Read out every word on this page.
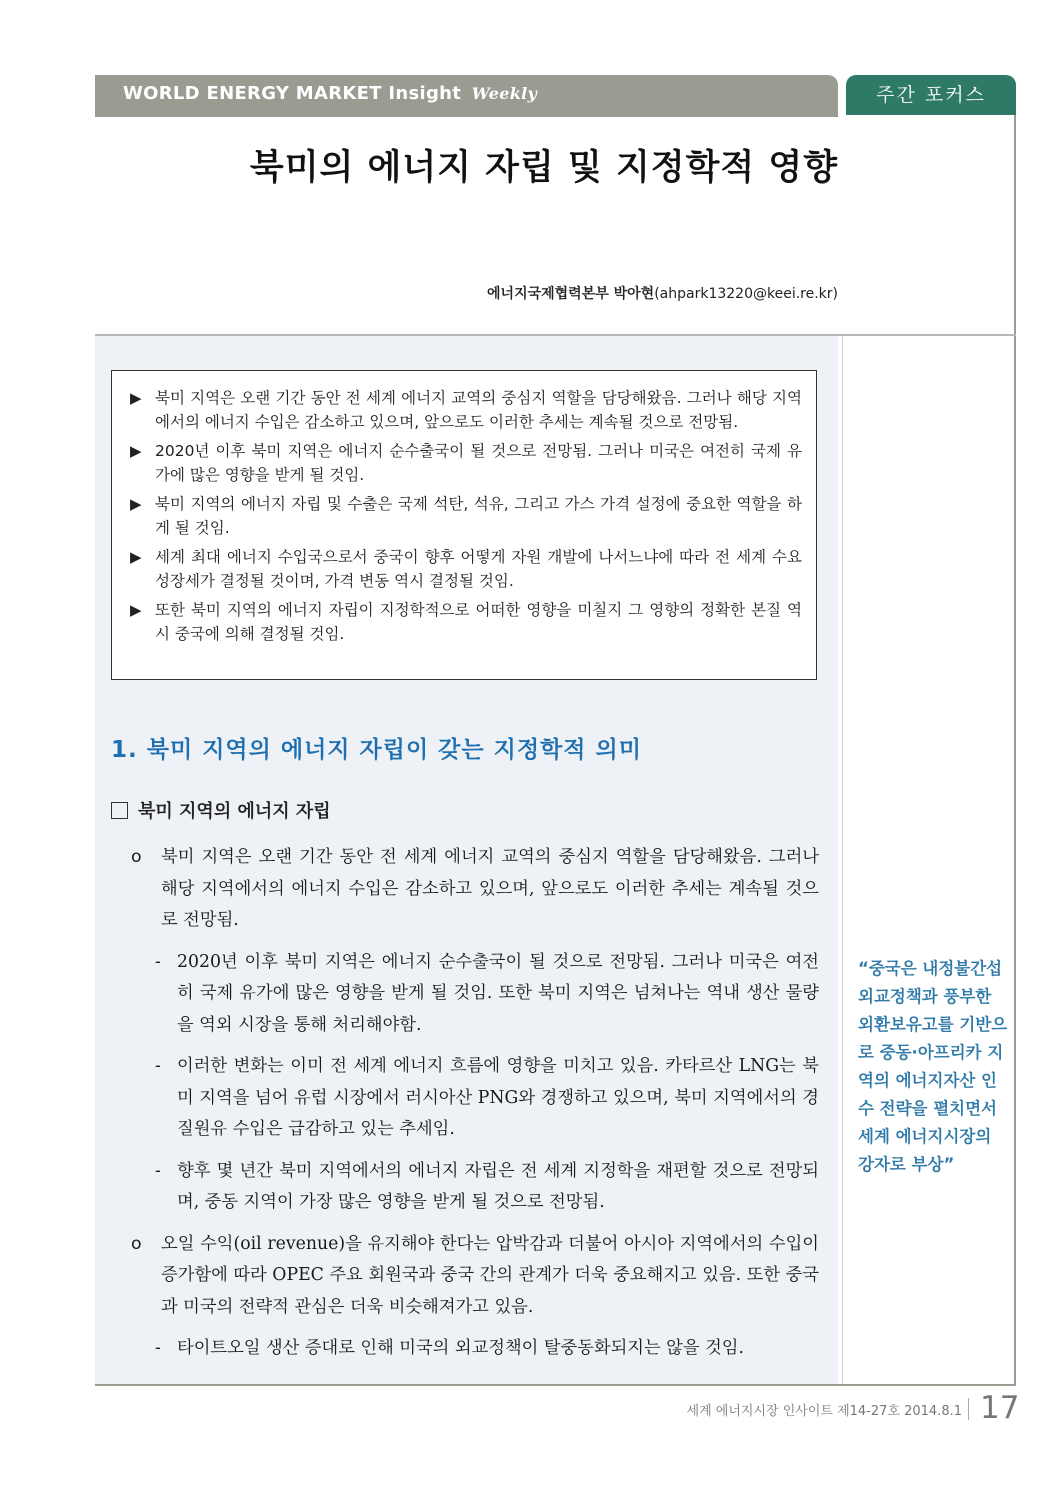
WORLD ENERGY MARKET Insight Weekly	주간 포커스
북미의 에너지 자립 및 지정학적 영향
에너지국제협력본부 박아현(ahpark13220@keei.re.kr)
▶ 북미 지역은 오랜 기간 동안 전 세계 에너지 교역의 중심지 역할을 담당해왔음. 그러나 해당 지역에서의 에너지 수입은 감소하고 있으며, 앞으로도 이러한 추세는 계속될 것으로 전망됨.
▶ 2020년 이후 북미 지역은 에너지 순수출국이 될 것으로 전망됨. 그러나 미국은 여전히 국제 유가에 많은 영향을 받게 될 것임.
▶ 북미 지역의 에너지 자립 및 수출은 국제 석탄, 석유, 그리고 가스 가격 설정에 중요한 역할을 하게 될 것임.
▶ 세계 최대 에너지 수입국으로서 중국이 향후 어떻게 자원 개발에 나서느냐에 따라 전 세계 수요 성장세가 결정될 것이며, 가격 변동 역시 결정될 것임.
▶ 또한 북미 지역의 에너지 자립이 지정학적으로 어떠한 영향을 미칠지 그 영향의 정확한 본질 역시 중국에 의해 결정될 것임.
1. 북미 지역의 에너지 자립이 갖는 지정학적 의미
북미 지역의 에너지 자립
o 북미 지역은 오랜 기간 동안 전 세계 에너지 교역의 중심지 역할을 담당해왔음. 그러나 해당 지역에서의 에너지 수입은 감소하고 있으며, 앞으로도 이러한 추세는 계속될 것으로 전망됨.
- 2020년 이후 북미 지역은 에너지 순수출국이 될 것으로 전망됨. 그러나 미국은 여전히 국제 유가에 많은 영향을 받게 될 것임. 또한 북미 지역은 넘쳐나는 역내 생산 물량을 역외 시장을 통해 처리해야함.
- 이러한 변화는 이미 전 세계 에너지 흐름에 영향을 미치고 있음. 카타르산 LNG는 북미 지역을 넘어 유럽 시장에서 러시아산 PNG와 경쟁하고 있으며, 북미 지역에서의 경질원유 수입은 급감하고 있는 추세임.
- 향후 몇 년간 북미 지역에서의 에너지 자립은 전 세계 지정학을 재편할 것으로 전망되며, 중동 지역이 가장 많은 영향을 받게 될 것으로 전망됨.
o 오일 수익(oil revenue)을 유지해야 한다는 압박감과 더불어 아시아 지역에서의 수입이 증가함에 따라 OPEC 주요 회원국과 중국 간의 관계가 더욱 중요해지고 있음. 또한 중국과 미국의 전략적 관심은 더욱 비슷해져가고 있음.
- 타이트오일 생산 증대로 인해 미국의 외교정책이 탈중동화되지는 않을 것임.
“중국은 내정불간섭 외교정책과 풍부한 외환보유고를 기반으로 중동·아프리카 지역의 에너지자산 인수 전략을 펼치면서 세계 에너지시장의 강자로 부상”
세계 에너지시장 인사이트 제14-27호 2014.8.1 17
